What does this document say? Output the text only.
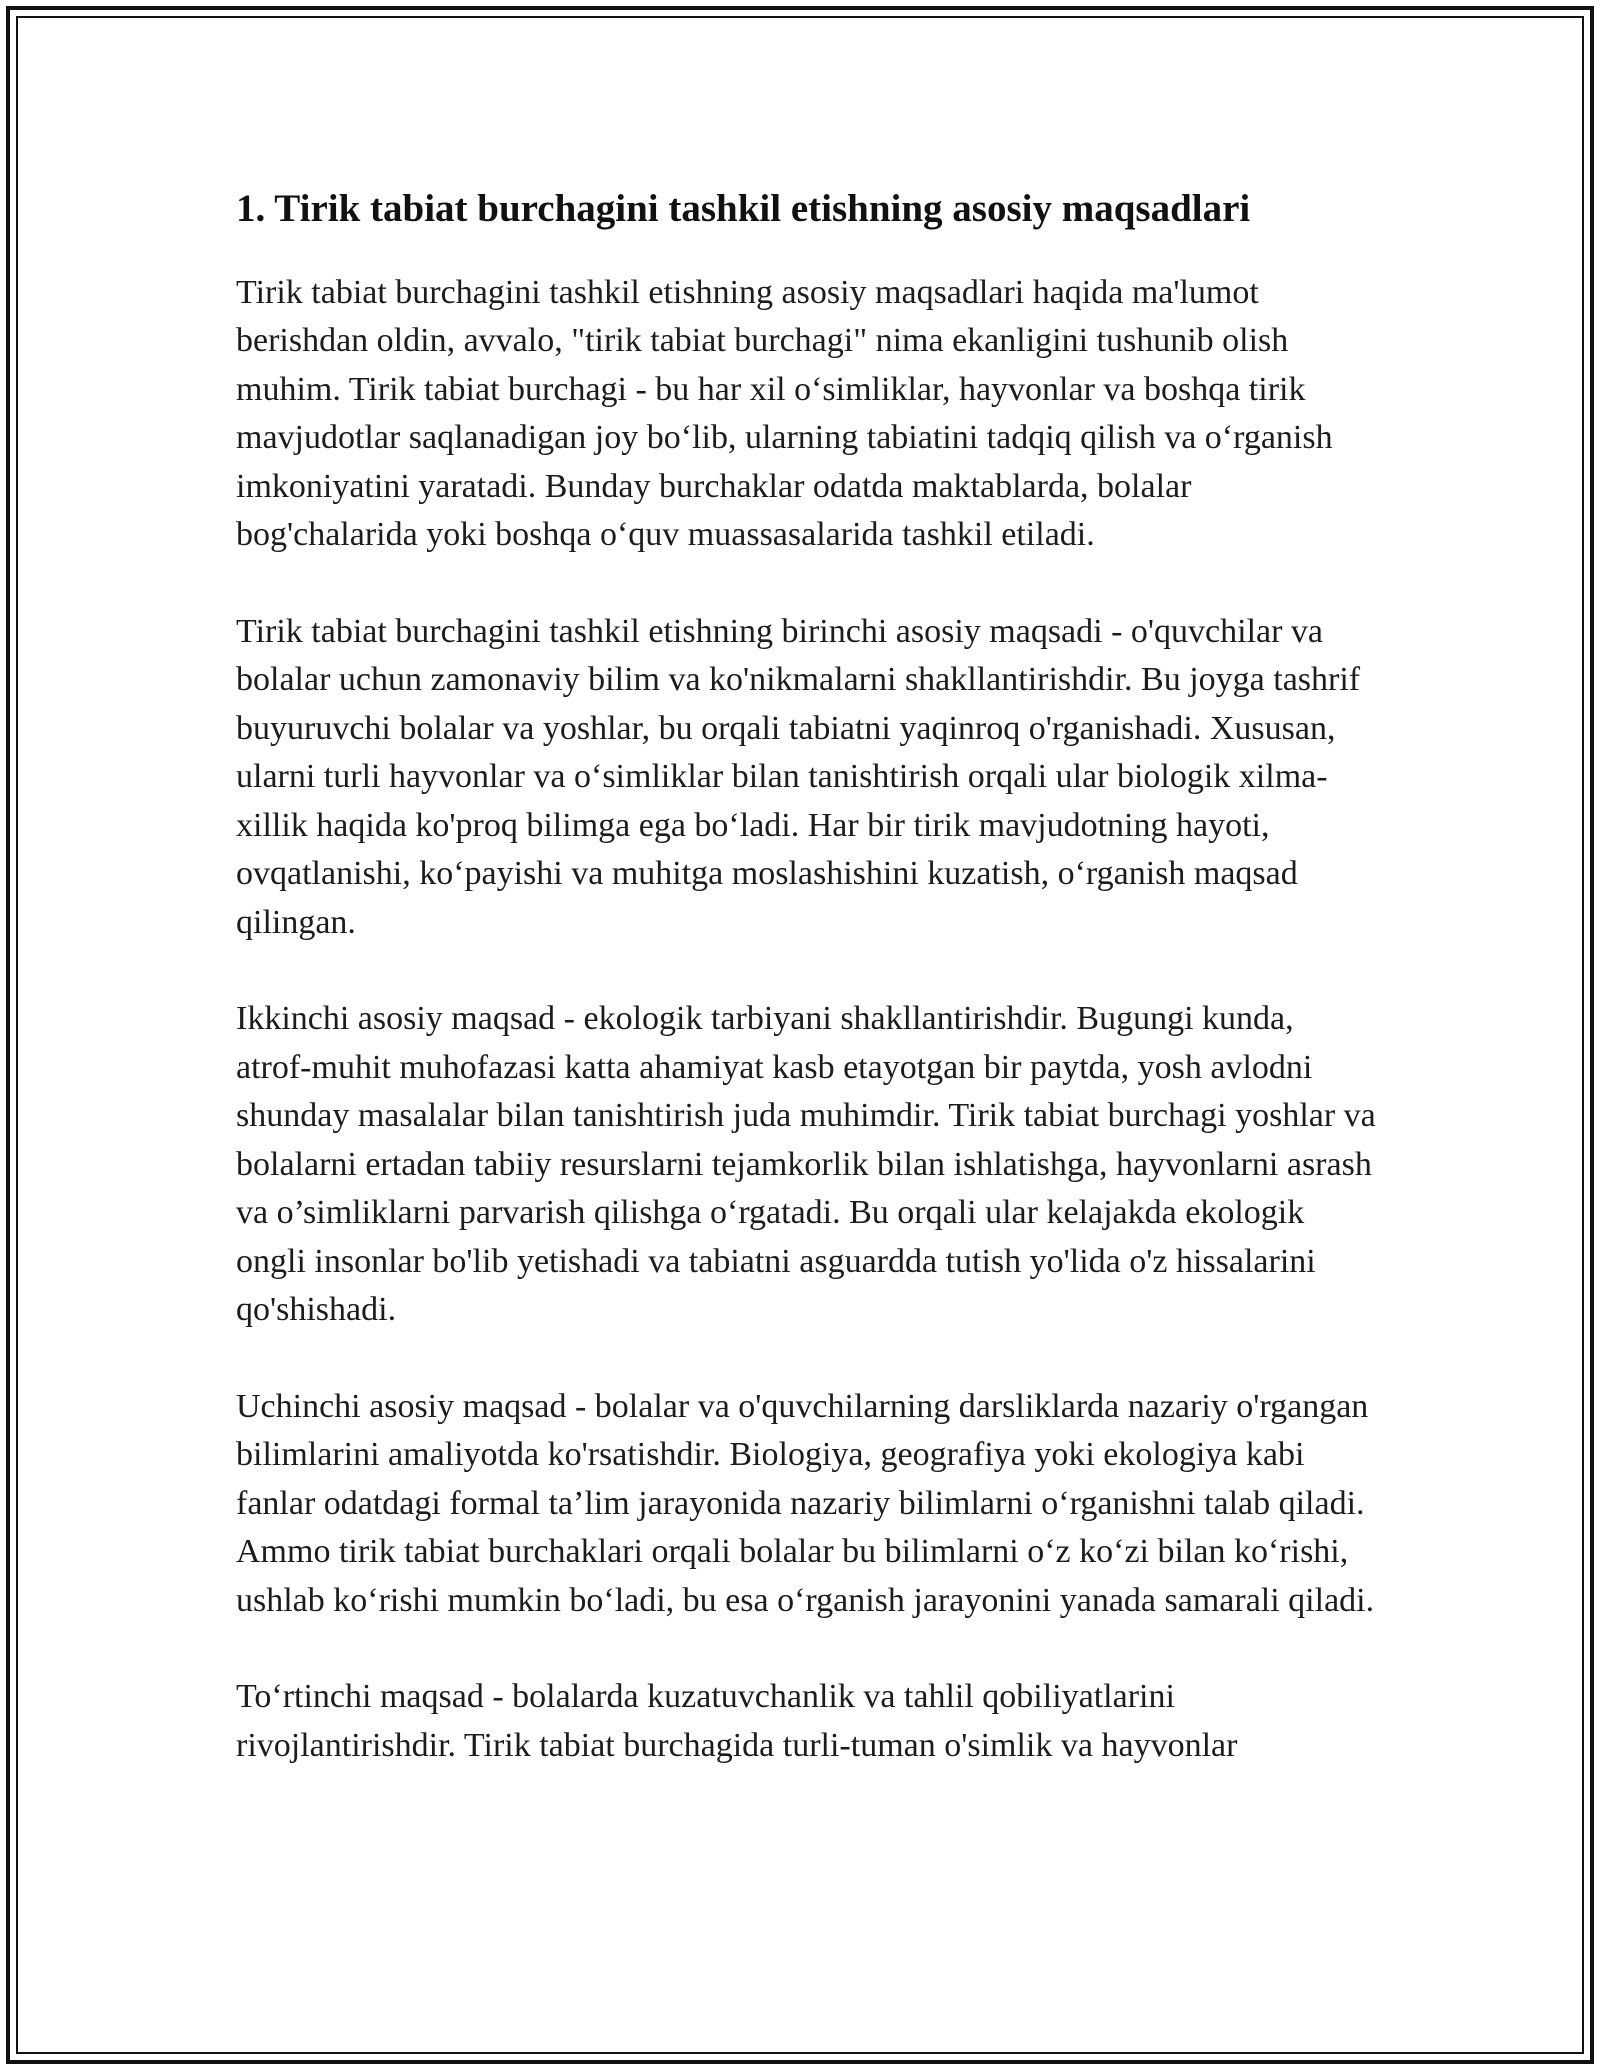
1. Tirik tabiat burchagini tashkil etishning asosiy maqsadlari

Tirik tabiat burchagini tashkil etishning asosiy maqsadlari haqida ma'lumot berishdan oldin, avvalo, "tirik tabiat burchagi" nima ekanligini tushunib olish muhim. Tirik tabiat burchagi - bu har xil o‘simliklar, hayvonlar va boshqa tirik mavjudotlar saqlanadigan joy bo‘lib, ularning tabiatini tadqiq qilish va o‘rganish imkoniyatini yaratadi. Bunday burchaklar odatda maktablarda, bolalar bog'chalarida yoki boshqa o‘quv muassasalarida tashkil etiladi.

Tirik tabiat burchagini tashkil etishning birinchi asosiy maqsadi - o'quvchilar va bolalar uchun zamonaviy bilim va ko'nikmalarni shakllantirishdir. Bu joyga tashrif buyuruvchi bolalar va yoshlar, bu orqali tabiatni yaqinroq o'rganishadi. Xususan, ularni turli hayvonlar va o‘simliklar bilan tanishtirish orqali ular biologik xilma-xillik haqida ko'proq bilimga ega bo‘ladi. Har bir tirik mavjudotning hayoti, ovqatlanishi, ko‘payishi va muhitga moslashishini kuzatish, o‘rganish maqsad qilingan.

Ikkinchi asosiy maqsad - ekologik tarbiyani shakllantirishdir. Bugungi kunda, atrof-muhit muhofazasi katta ahamiyat kasb etayotgan bir paytda, yosh avlodni shunday masalalar bilan tanishtirish juda muhimdir. Tirik tabiat burchagi yoshlar va bolalarni ertadan tabiiy resurslarni tejamkorlik bilan ishlatishga, hayvonlarni asrash va o’simliklarni parvarish qilishga o‘rgatadi. Bu orqali ular kelajakda ekologik ongli insonlar bo'lib yetishadi va tabiatni asguardda tutish yo'lida o'z hissalarini qo'shishadi.

Uchinchi asosiy maqsad - bolalar va o'quvchilarning darsliklarda nazariy o'rgangan bilimlarini amaliyotda ko'rsatishdir. Biologiya, geografiya yoki ekologiya kabi fanlar odatdagi formal ta’lim jarayonida nazariy bilimlarni o‘rganishni talab qiladi. Ammo tirik tabiat burchaklari orqali bolalar bu bilimlarni o‘z ko‘zi bilan ko‘rishi, ushlab ko‘rishi mumkin bo‘ladi, bu esa o‘rganish jarayonini yanada samarali qiladi.

To‘rtinchi maqsad - bolalarda kuzatuvchanlik va tahlil qobiliyatlarini rivojlantirishdir. Tirik tabiat burchagida turli-tuman o'simlik va hayvonlar
